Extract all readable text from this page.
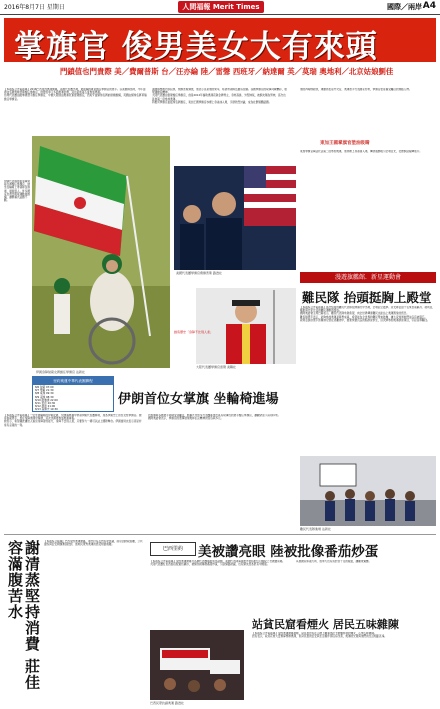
2016年8月7日 星期日	人間福報 Merit Times	國際／兩岸 A4
掌旗官 俊男美女大有來頭
門鎖值也門貴際 美／費爾普斯 台／汪亦綸 陸／雷聲 西班牙／納達爾 英／莫瑞 奧地利／北京姑娘劉佳

【本報綜合外電報導】2016巴西里約奧運開幕，各國代表團出場，最吸睛的就是擔任掌旗官的選手。以美國隊為例，今年由游泳名將費爾普斯擔任掌旗官，他曾經拿下多面奧運金牌，這也是他第五度參加奧運。

台灣代表團由跆拳道選手擔任掌旗官，中國大陸則由奧運冠軍雷聲擔任，西班牙由網球名將納達爾擔綱，英國由網球名將莫瑞擔任掌旗官。

伊朗代表隊則由身障射箭女將擔任掌旗官，她坐在輪椅上帶領隊伍進場，場面感人。許多國家也選出明星運動員擔綱，讓開幕式話題不斷。

美國隊舉辦內部投票，費爾普斯獲選，他表示這是他的榮幸，希望帶領隊伍創造佳績。各國掌旗官的故事同樣精彩，展現運動家精神。

大陸代表團由雷聲擔任掌旗官，他是2012年倫敦奧運花劍金牌得主，身材高挑、外型帥氣，被網友稱為男神，這次也是他第二度參加奧運。

阿根廷掌旗官由籃球名將擔任，東加王國掌旗官赤裸上身塗油入場，引發熱烈討論，成為社群媒體話題。

伊朗身障射箭女將擔任掌旗官 法新社
美國代表團掌旗官費爾普斯 路透社
大陸代表團掌旗官雷聲 美聯社
創造歷史「身障不比別人差」
里約奧運中華代表團賽程
8/6 射箭 07:00
8/7 舉重 21:30
8/8 桌球 09:30
8/9 羽球 08:30
8/10 跆拳道 22:00
8/11 田徑 20:30
8/12 游泳 21:00
8/13 高爾夫 19:30
伊朗首位女掌旗 坐輪椅進場

【本報綜合外電報導】一位坐著輪椅的伊朗女將，於開幕典禮中帶領伊朗代表團進場，成為伊朗史上首位女性掌旗官。她是射箭選手，曾在殘障奧運中奪牌，這次也獲得參加奧運資格。

她表示，希望藉此讓世人看見身障者的能力，身障不比別人差，只要努力一樣可以站上國際舞台。伊朗當局也表示這是非常有意義的一刻。

內馬爾與各國選手同樣受到關注，開幕式中許多代表團都選出具有故事性的選手擔任掌旗官，讓觀眾留下深刻印象。

國際奧委會表示，掌旗官的選擇展現奧林匹克精神的包容與多元。

他的再時標殺我，運動員也是外交官，奧運選手代表國家形象，掌旗官更是備受矚目的焦點人物。

東加王國掌旗官塗油吸睛

東加掌旗官陶法托法第二度參加奧運，他赤裸上身塗油入場，傳統服飾吸引全場目光，社群網站瘋傳照片。

漫遊旗艦館．新星運動會
難民隊 抬頭挺胸上殿堂

【本報綜合外電報導】首次組成的難民代表隊在開幕式中出場，全場起立鼓掌。這支隊伍由十名來自南蘇丹、敘利亞、剛果與衣索比亞的難民運動員組成。

國際奧委會主席巴赫表示，難民代表隊象徵希望，向全世界傳達難民也能站上奧運殿堂的訊息。

難民隊選手表示，能夠參加奧運是夢想成真，希望能為全世界的難民帶來鼓舞，讓大家知道他們並沒有被遺忘。

敘利亞游泳選手馬爾迪尼曾在逃難途中，推著快要沉沒的船游泳求生，這次將參加奧運游泳項目，引起各界關注。

難民代表隊進場 法新社
謝清蒸堅持消費 莊佳容滿腹苦水	【本報綜合報導】巴西里約奧運開幕，場外仍有反對民眾抗議，政府因財政困難，公共建設與治安問題遭到批評，當地民眾對奧運的感受相當複雜。

巴西里約	美被讚亮眼 陸被批像番茄炒蛋

【本報綜合外電報導】里約奧運開幕式各國代表團服裝成為話題，美國代表隊海軍藍外套搭配紅白條紋上衣被讚亮眼。

大陸代表團紅色西裝搭配黃色襯衫，被網友戲稱像番茄炒蛋，引起網路熱議，也有網友認為很有中國風。

其他國家如義大利、加拿大也有設計感十足的服裝，讓觀眾驚艷。

巴西民眾抗議奧運 路透社
站貧民窟看煙火 居民五味雜陳

【本報綜合外電報導】里約奧運開幕當晚，貧民窟居民在山坡上觀看馬拉卡納體育場的煙火，心情五味雜陳。

居民表示，政府花費大量預算舉辦奧運，但貧民窟的治安與生活條件卻沒有改善，奧運的光環與他們的生活相距甚遠。
